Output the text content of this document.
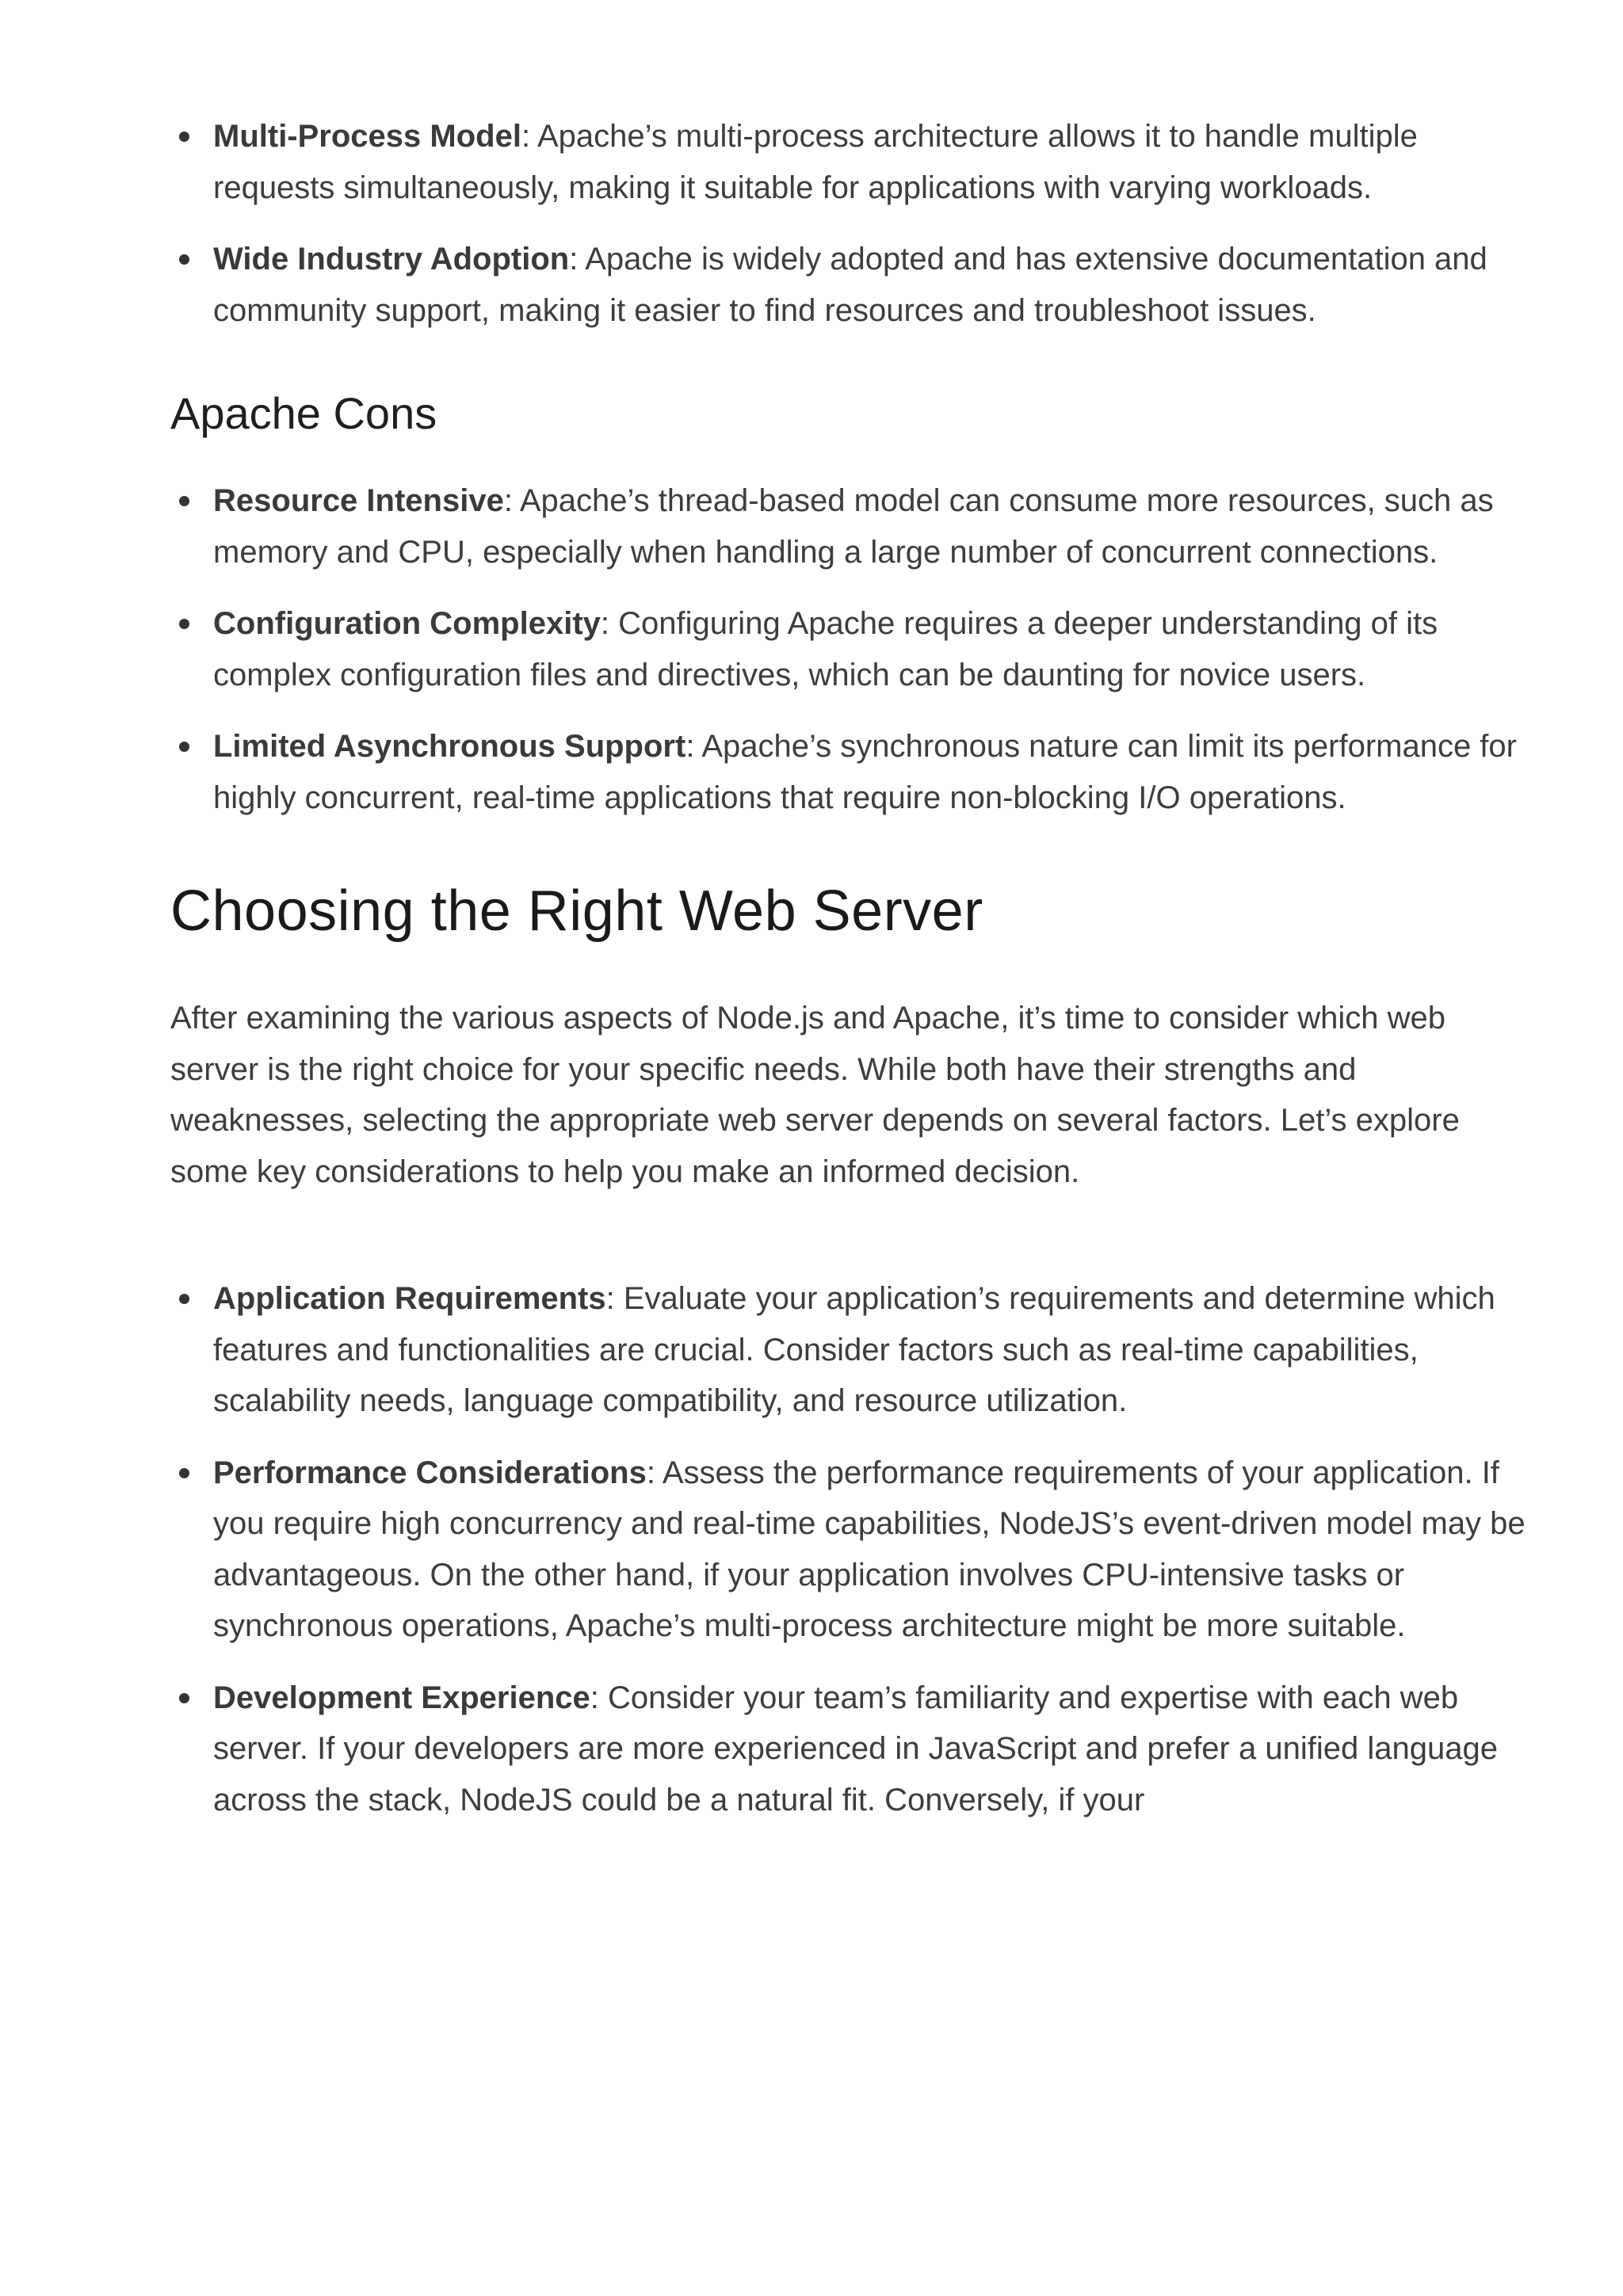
Multi-Process Model: Apache’s multi-process architecture allows it to handle multiple requests simultaneously, making it suitable for applications with varying workloads.
Wide Industry Adoption: Apache is widely adopted and has extensive documentation and community support, making it easier to find resources and troubleshoot issues.
Apache Cons
Resource Intensive: Apache’s thread-based model can consume more resources, such as memory and CPU, especially when handling a large number of concurrent connections.
Configuration Complexity: Configuring Apache requires a deeper understanding of its complex configuration files and directives, which can be daunting for novice users.
Limited Asynchronous Support: Apache’s synchronous nature can limit its performance for highly concurrent, real-time applications that require non-blocking I/O operations.
Choosing the Right Web Server

After examining the various aspects of Node.js and Apache, it’s time to consider which web server is the right choice for your specific needs. While both have their strengths and weaknesses, selecting the appropriate web server depends on several factors. Let’s explore some key considerations to help you make an informed decision.

Application Requirements: Evaluate your application’s requirements and determine which features and functionalities are crucial. Consider factors such as real-time capabilities, scalability needs, language compatibility, and resource utilization.
Performance Considerations: Assess the performance requirements of your application. If you require high concurrency and real-time capabilities, NodeJS’s event-driven model may be advantageous. On the other hand, if your application involves CPU-intensive tasks or synchronous operations, Apache’s multi-process architecture might be more suitable.
Development Experience: Consider your team’s familiarity and expertise with each web server. If your developers are more experienced in JavaScript and prefer a unified language across the stack, NodeJS could be a natural fit. Conversely, if your
